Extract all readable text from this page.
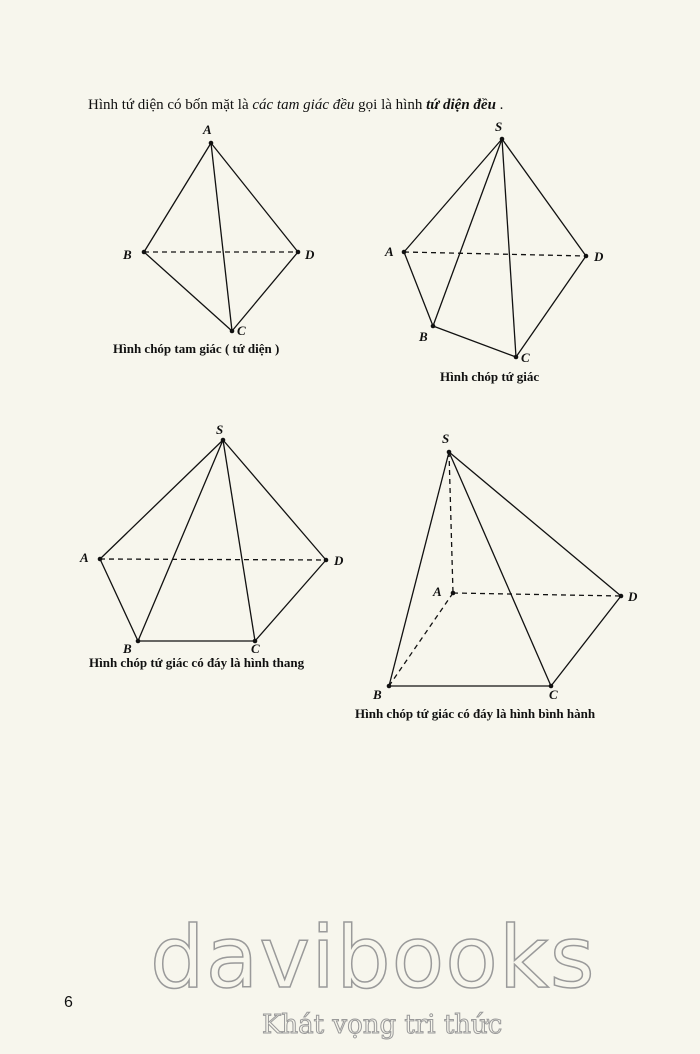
Hình tứ diện có bốn mặt là các tam giác đều gọi là hình tứ diện đều .

A
B	D
C
S
A
B
C
D
S
A
B	C
D
S
A
B	C
D
Hình chóp tam giác ( tứ diện )
Hình chóp tứ giác
Hình chóp tứ giác có đáy là hình thang
Hình chóp tứ giác có đáy là hình bình hành
6 davibooks
Khát vọng tri thức
